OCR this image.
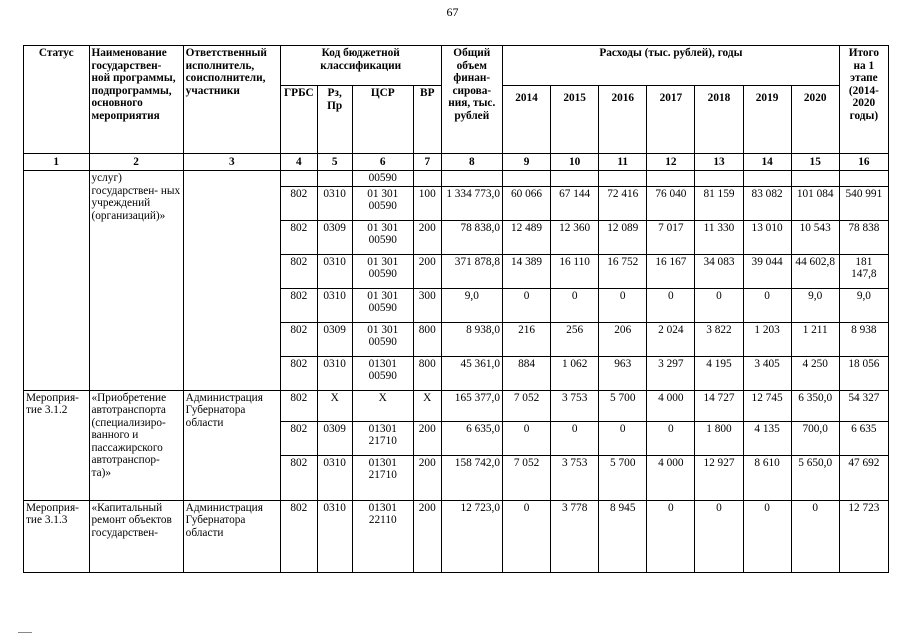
67
Статус	Наименование государствен- ной программы, подпрограммы, основного мероприятия	Ответственный исполнитель, соисполнители, участники	Код бюджетной классификации				Общий объем финан- сирова- ния, тыс. рублей	Расходы (тыс. рублей), годы							Итого на 1 этапе (2014- 2020 годы)
			ГРБС	Рз, Пр	ЦСР	ВР		2014	2015	2016	2017	2018	2019	2020	
1	2	3	4	5	6	7	8	9	10	11	12	13	14	15	16
	услуг) государствен- ных учреждений (организаций)»				00590										
			802	0310	01 301 00590	100	1 334 773,0	60 066	67 144	72 416	76 040	81 159	83 082	101 084	540 991
			802	0309	01 301 00590	200	78 838,0	12 489	12 360	12 089	7 017	11 330	13 010	10 543	78 838
			802	0310	01 301 00590	200	371 878,8	14 389	16 110	16 752	16 167	34 083	39 044	44 602,8	181 147,8
			802	0310	01 301 00590	300	9,0	0	0	0	0	0	0	9,0	9,0
			802	0309	01 301 00590	800	8 938,0	216	256	206	2 024	3 822	1 203	1 211	8 938
			802	0310	01301 00590	800	45 361,0	884	1 062	963	3 297	4 195	3 405	4 250	18 056
Мероприя- тие 3.1.2	«Приобретение автотранспорта (специализиро- ванного и пассажирского автотранспор- та)»	Администрация Губернатора области	802	Х	Х	Х	165 377,0	7 052	3 753	5 700	4 000	14 727	12 745	6 350,0	54 327
			802	0309	01301 21710	200	6 635,0	0	0	0	0	1 800	4 135	700,0	6 635
			802	0310	01301 21710	200	158 742,0	7 052	3 753	5 700	4 000	12 927	8 610	5 650,0	47 692
Мероприя- тие 3.1.3	«Капитальный ремонт объектов государствен-	Администрация Губернатора области	802	0310	01301 22110	200	12 723,0	0	3 778	8 945	0	0	0	0	12 723
